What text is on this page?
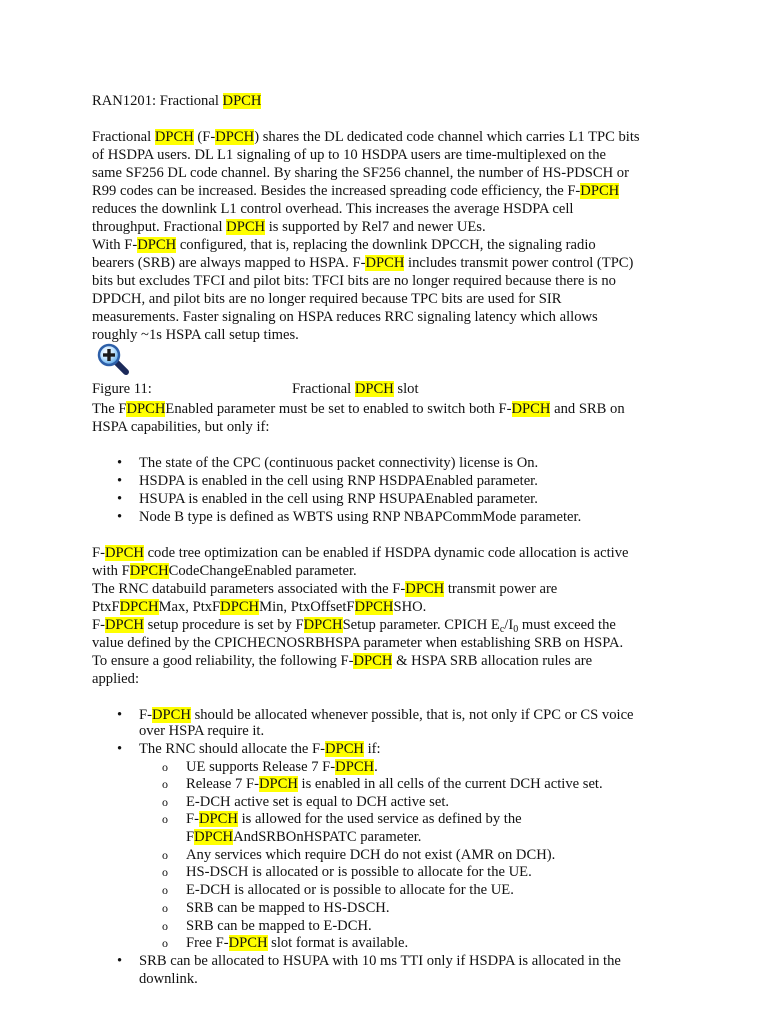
RAN1201: Fractional DPCH
Fractional DPCH (F-DPCH) shares the DL dedicated code channel which carries L1 TPC bits
of HSDPA users. DL L1 signaling of up to 10 HSDPA users are time-multiplexed on the
same SF256 DL code channel. By sharing the SF256 channel, the number of HS-PDSCH or
R99 codes can be increased. Besides the increased spreading code efficiency, the F-DPCH
reduces the downlink L1 control overhead. This increases the average HSDPA cell
throughput. Fractional DPCH is supported by Rel7 and newer UEs.
With F-DPCH configured, that is, replacing the downlink DPCCH, the signaling radio
bearers (SRB) are always mapped to HSPA. F-DPCH includes transmit power control (TPC)
bits but excludes TFCI and pilot bits: TFCI bits are no longer required because there is no
DPDCH, and pilot bits are no longer required because TPC bits are used for SIR
measurements. Faster signaling on HSPA reduces RRC signaling latency which allows
roughly ~1s HSPA call setup times.
Figure 11:	Fractional DPCH slot
The FDPCHEnabled parameter must be set to enabled to switch both F-DPCH and SRB on
HSPA capabilities, but only if:
• The state of the CPC (continuous packet connectivity) license is On.
• HSDPA is enabled in the cell using RNP HSDPAEnabled parameter.
• HSUPA is enabled in the cell using RNP HSUPAEnabled parameter.
• Node B type is defined as WBTS using RNP NBAPCommMode parameter.
F-DPCH code tree optimization can be enabled if HSDPA dynamic code allocation is active
with FDPCHCodeChangeEnabled parameter.
The RNC databuild parameters associated with the F-DPCH transmit power are
PtxFDPCHMax, PtxFDPCHMin, PtxOffsetFDPCHSHO.
F-DPCH setup procedure is set by FDPCHSetup parameter. CPICH $E_c/I_0$ must exceed the
value defined by the CPICHECNOSRBHSPA parameter when establishing SRB on HSPA.
To ensure a good reliability, the following F-DPCH & HSPA SRB allocation rules are
applied:
• F-DPCH should be allocated whenever possible, that is, not only if CPC or CS voice
over HSPA require it.
• The RNC should allocate the F-DPCH if:
o UE supports Release 7 F-DPCH.
o Release 7 F-DPCH is enabled in all cells of the current DCH active set.
o E-DCH active set is equal to DCH active set.
o F-DPCH is allowed for the used service as defined by the
FDPCHAndSRBOnHSPATC parameter.
o Any services which require DCH do not exist (AMR on DCH).
o HS-DSCH is allocated or is possible to allocate for the UE.
o E-DCH is allocated or is possible to allocate for the UE.
o SRB can be mapped to HS-DSCH.
o SRB can be mapped to E-DCH.
o Free F-DPCH slot format is available.
• SRB can be allocated to HSUPA with 10 ms TTI only if HSDPA is allocated in the
downlink.
